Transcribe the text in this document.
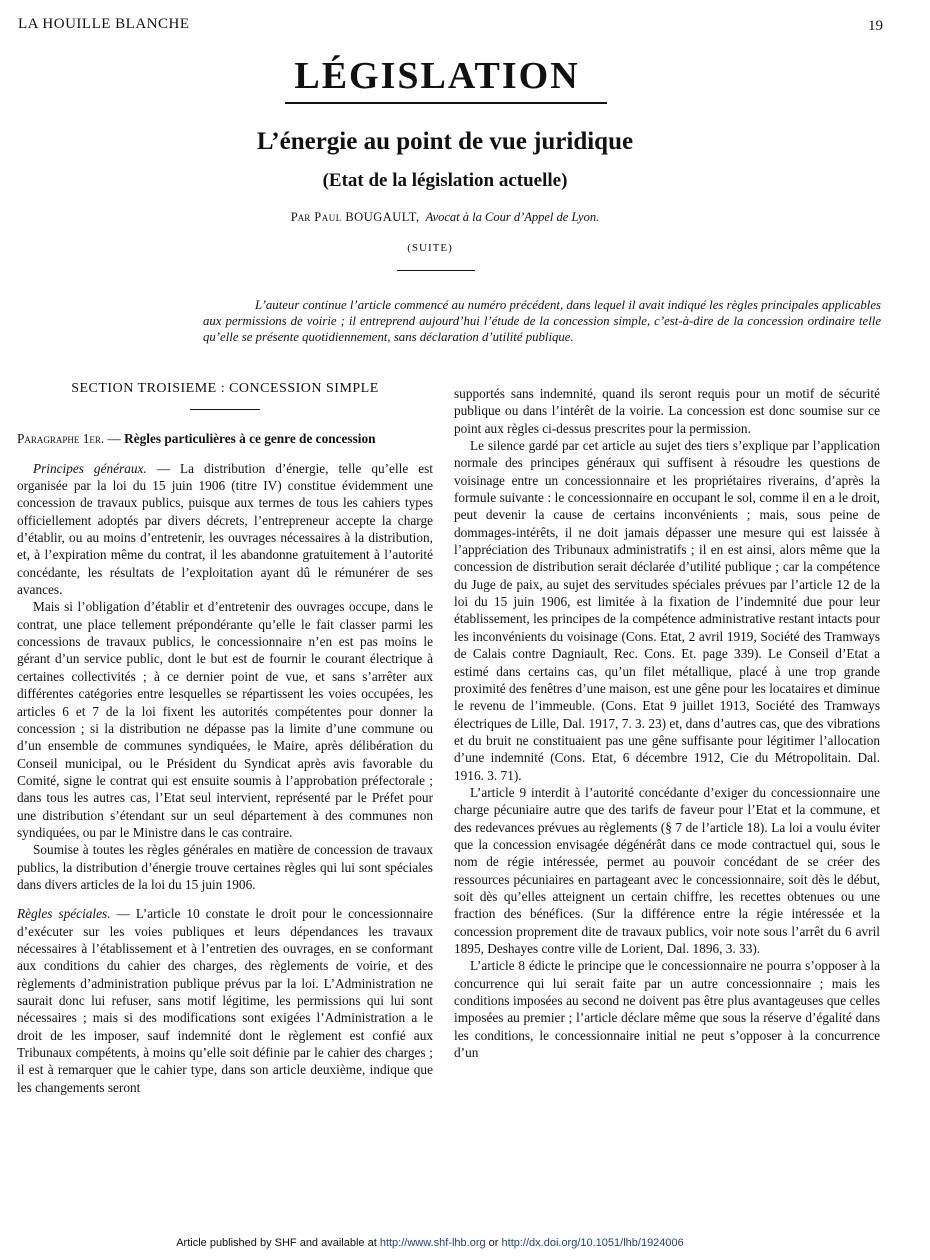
LA HOUILLE BLANCHE	19
LÉGISLATION
L’énergie au point de vue juridique
(Etat de la législation actuelle)
Par Paul BOUGAULT, Avocat à la Cour d’Appel de Lyon.
(SUITE)
L’auteur continue l’article commencé au numéro précédent, dans lequel il avait indiqué les règles principales applicables aux permissions de voirie ; il entreprend aujourd’hui l’étude de la concession simple, c’est-à-dire de la concession ordinaire telle qu’elle se présente quotidiennement, sans déclaration d’utilité publique.

SECTION TROISIEME : CONCESSION SIMPLE

Paragraphe 1er. — Règles particulières à ce genre de concession

Principes généraux. — La distribution d’énergie, telle qu’elle est organisée par la loi du 15 juin 1906 (titre IV) constitue évidemment une concession de travaux publics, puisque aux termes de tous les cahiers types officiellement adoptés par divers décrets, l’entrepreneur accepte la charge d’établir, ou au moins d’entretenir, les ouvrages nécessaires à la distribution, et, à l’expiration même du contrat, il les abandonne gratuitement à l’autorité concédante, les résultats de l’exploitation ayant dû le rémunérer de ses avances.

Mais si l’obligation d’établir et d’entretenir des ouvrages occupe, dans le contrat, une place tellement prépondérante qu’elle le fait classer parmi les concessions de travaux publics, le concessionnaire n’en est pas moins le gérant d’un service public, dont le but est de fournir le courant électrique à certaines collectivités ; à ce dernier point de vue, et sans s’arrêter aux différentes catégories entre lesquelles se répartissent les voies occupées, les articles 6 et 7 de la loi fixent les autorités compétentes pour donner la concession ; si la distribution ne dépasse pas la limite d’une commune ou d’un ensemble de communes syndiquées, le Maire, après délibération du Conseil municipal, ou le Président du Syndicat après avis favorable du Comité, signe le contrat qui est ensuite soumis à l’approbation préfectorale ; dans tous les autres cas, l’Etat seul intervient, représenté par le Préfet pour une distribution s’étendant sur un seul département à des communes non syndiquées, ou par le Ministre dans le cas contraire.

Soumise à toutes les règles générales en matière de concession de travaux publics, la distribution d’énergie trouve certaines règles qui lui sont spéciales dans divers articles de la loi du 15 juin 1906.

Règles spéciales. — L’article 10 constate le droit pour le concessionnaire d’exécuter sur les voies publiques et leurs dépendances les travaux nécessaires à l’établissement et à l’entretien des ouvrages, en se conformant aux conditions du cahier des charges, des règlements de voirie, et des règlements d’administration publique prévus par la loi. L’Administration ne saurait donc lui refuser, sans motif légitime, les permissions qui lui sont nécessaires ; mais si des modifications sont exigées l’Administration a le droit de les imposer, sauf indemnité dont le règlement est confié aux Tribunaux compétents, à moins qu’elle soit définie par le cahier des charges ; il est à remarquer que le cahier type, dans son article deuxième, indique que les changements seront

supportés sans indemnité, quand ils seront requis pour un motif de sécurité publique ou dans l’intérêt de la voirie. La concession est donc soumise sur ce point aux règles ci-dessus prescrites pour la permission.

Le silence gardé par cet article au sujet des tiers s’explique par l’application normale des principes généraux qui suffisent à résoudre les questions de voisinage entre un concessionnaire et les propriétaires riverains, d’après la formule suivante : le concessionnaire en occupant le sol, comme il en a le droit, peut devenir la cause de certains inconvénients ; mais, sous peine de dommages-intérêts, il ne doit jamais dépasser une mesure qui est laissée à l’appréciation des Tribunaux administratifs ; il en est ainsi, alors même que la concession de distribution serait déclarée d’utilité publique ; car la compétence du Juge de paix, au sujet des servitudes spéciales prévues par l’article 12 de la loi du 15 juin 1906, est limitée à la fixation de l’indemnité due pour leur établissement, les principes de la compétence administrative restant intacts pour les inconvénients du voisinage (Cons. Etat, 2 avril 1919, Société des Tramways de Calais contre Dagniault, Rec. Cons. Et. page 339). Le Conseil d’Etat a estimé dans certains cas, qu’un filet métallique, placé à une trop grande proximité des fenêtres d’une maison, est une gêne pour les locataires et diminue le revenu de l’immeuble. (Cons. Etat 9 juillet 1913, Société des Tramways électriques de Lille, Dal. 1917, 7. 3. 23) et, dans d’autres cas, que des vibrations et du bruit ne constituaient pas une gêne suffisante pour légitimer l’allocation d’une indemnité (Cons. Etat, 6 décembre 1912, Cie du Métropolitain. Dal. 1916. 3. 71).

L’article 9 interdit à l’autorité concédante d’exiger du concessionnaire une charge pécuniaire autre que des tarifs de faveur pour l’Etat et la commune, et des redevances prévues au règlements (§ 7 de l’article 18). La loi a voulu éviter que la concession envisagée dégénérât dans ce mode contractuel qui, sous le nom de régie intéressée, permet au pouvoir concédant de se créer des ressources pécuniaires en partageant avec le concessionnaire, soit dès le début, soit dès qu’elles atteignent un certain chiffre, les recettes obtenues ou une fraction des bénéfices. (Sur la différence entre la régie intéressée et la concession proprement dite de travaux publics, voir note sous l’arrêt du 6 avril 1895, Deshayes contre ville de Lorient, Dal. 1896, 3. 33).

L’article 8 édicte le principe que le concessionnaire ne pourra s’opposer à la concurrence qui lui serait faite par un autre concessionnaire ; mais les conditions imposées au second ne doivent pas être plus avantageuses que celles imposées au premier ; l’article déclare même que sous la réserve d’égalité dans les conditions, le concessionnaire initial ne peut s’opposer à la concurrence d’un

Article published by SHF and available at http://www.shf-lhb.org or http://dx.doi.org/10.1051/lhb/1924006
